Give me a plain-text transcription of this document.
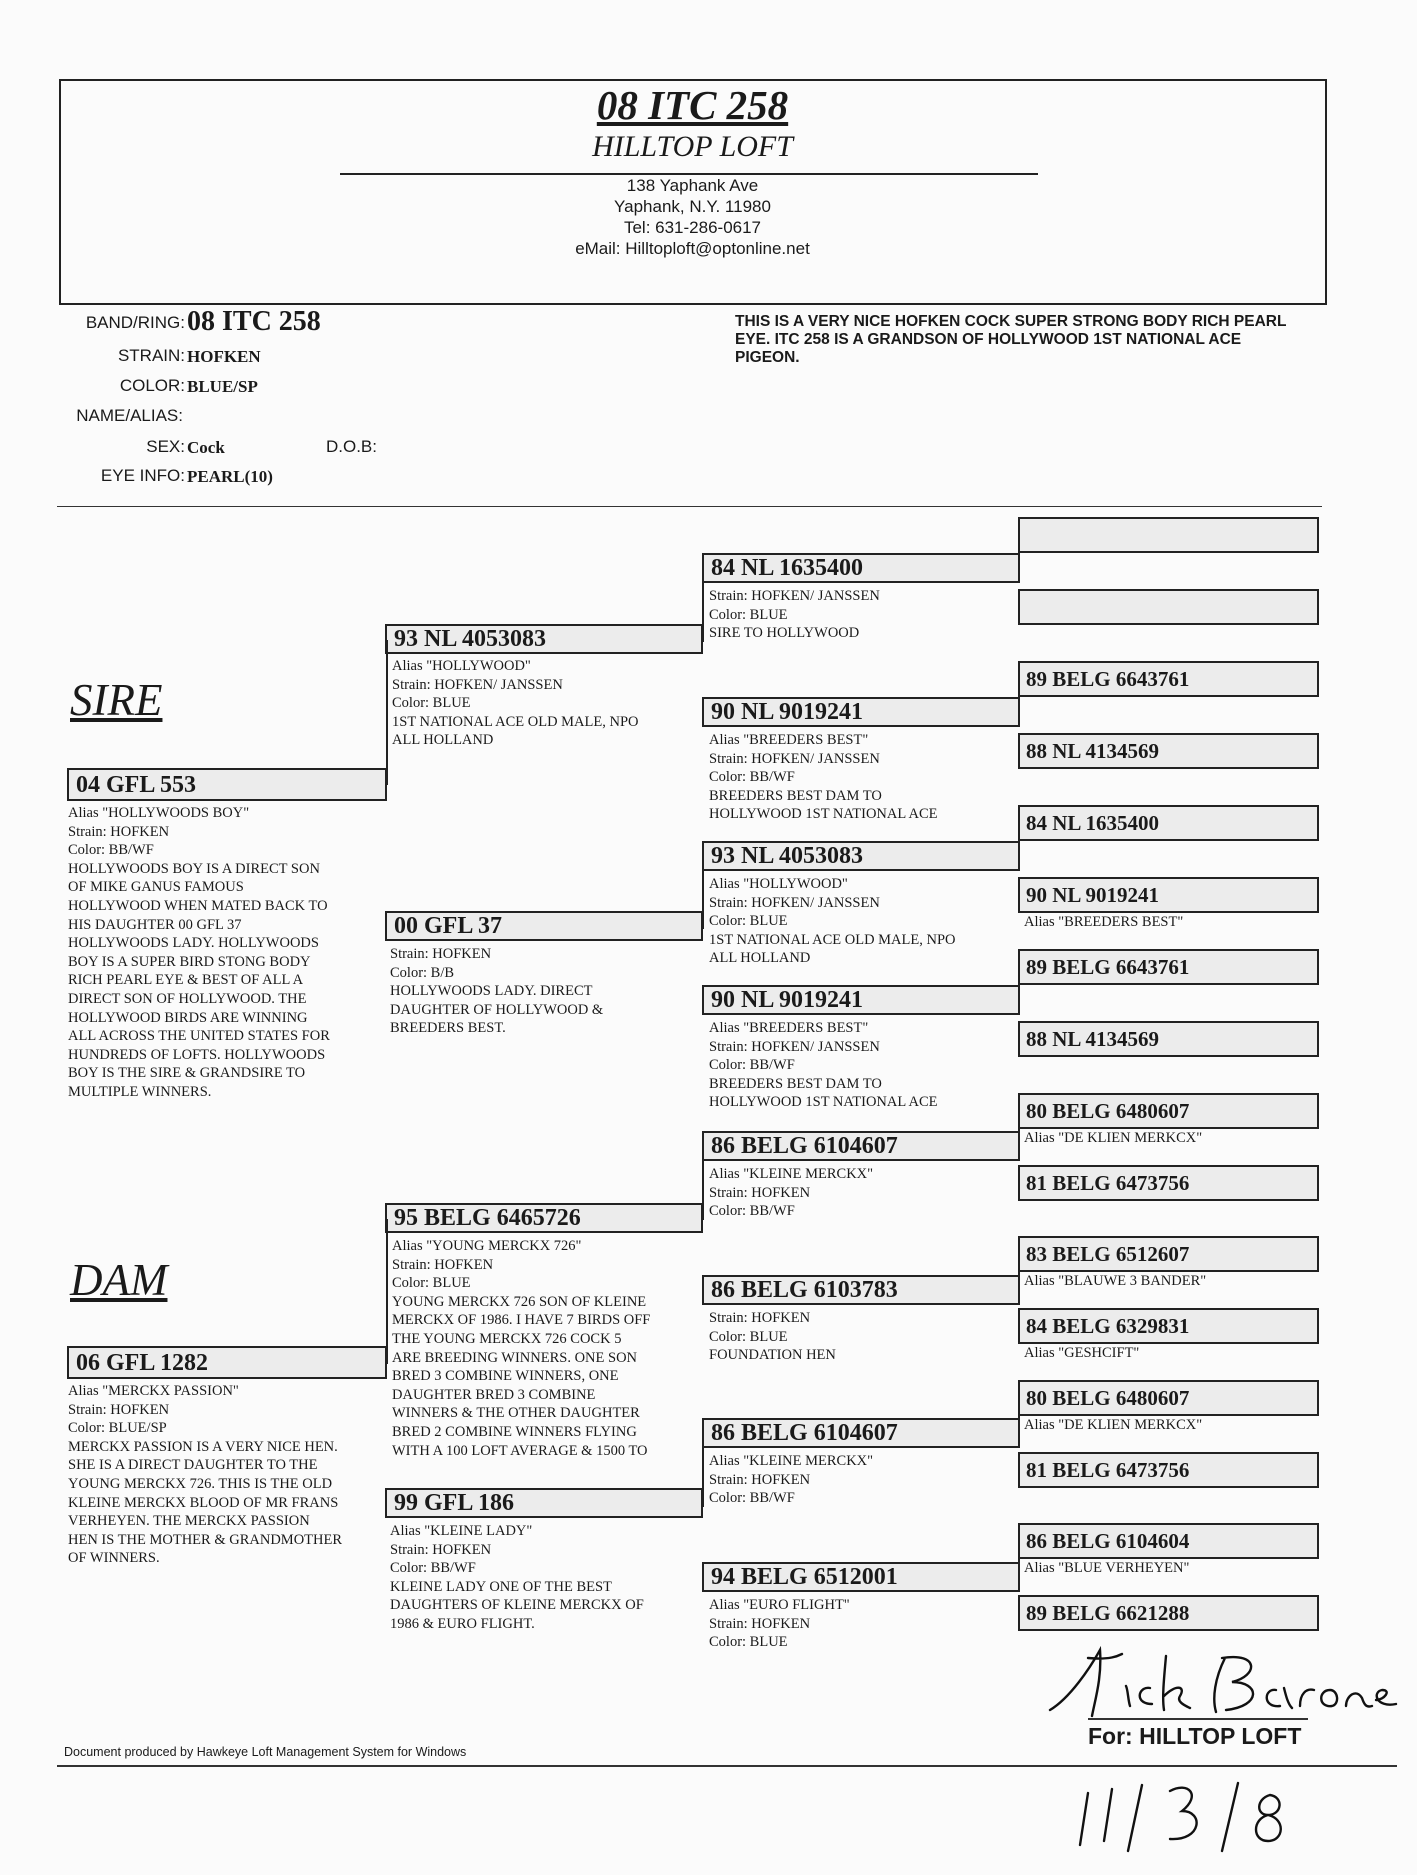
08 ITC 258
HILLTOP LOFT
138 Yaphank Ave
Yaphank, N.Y. 11980
Tel: 631-286-0617
eMail: Hilltoploft@optonline.net
BAND/RING: 08 ITC 258
STRAIN: HOFKEN
COLOR: BLUE/SP
NAME/ALIAS:
SEX: Cock	D.O.B:
EYE INFO: PEARL(10)
THIS IS A VERY NICE HOFKEN COCK SUPER STRONG BODY RICH PEARL EYE. ITC 258 IS A GRANDSON OF HOLLYWOOD 1ST NATIONAL ACE PIGEON.
SIRE
DAM
04 GFL 553
Alias "HOLLYWOODS BOY"
Strain: HOFKEN
Color: BB/WF
HOLLYWOODS BOY IS A DIRECT SON
OF MIKE GANUS FAMOUS
HOLLYWOOD WHEN MATED BACK TO
HIS DAUGHTER 00 GFL 37
HOLLYWOODS LADY. HOLLYWOODS
BOY IS A SUPER BIRD STONG BODY
RICH PEARL EYE & BEST OF ALL A
DIRECT SON OF HOLLYWOOD. THE
HOLLYWOOD BIRDS ARE WINNING
ALL ACROSS THE UNITED STATES FOR
HUNDREDS OF LOFTS. HOLLYWOODS
BOY IS THE SIRE & GRANDSIRE TO
MULTIPLE WINNERS.
06 GFL 1282
Alias "MERCKX PASSION"
Strain: HOFKEN
Color: BLUE/SP
MERCKX PASSION IS A VERY NICE HEN.
SHE IS A DIRECT DAUGHTER TO THE
YOUNG MERCKX 726. THIS IS THE OLD
KLEINE MERCKX BLOOD OF MR FRANS
VERHEYEN. THE MERCKX PASSION
HEN IS THE MOTHER & GRANDMOTHER
OF WINNERS.
93 NL 4053083
Alias "HOLLYWOOD"
Strain: HOFKEN/ JANSSEN
Color: BLUE
1ST NATIONAL ACE OLD MALE, NPO
ALL HOLLAND
00 GFL 37
Strain: HOFKEN
Color: B/B
HOLLYWOODS LADY. DIRECT
DAUGHTER OF HOLLYWOOD &
BREEDERS BEST.
95 BELG 6465726
Alias "YOUNG MERCKX 726"
Strain: HOFKEN
Color: BLUE
YOUNG MERCKX 726 SON OF KLEINE
MERCKX OF 1986. I HAVE 7 BIRDS OFF
THE YOUNG MERCKX 726 COCK 5
ARE BREEDING WINNERS. ONE SON
BRED 3 COMBINE WINNERS, ONE
DAUGHTER BRED 3 COMBINE
WINNERS & THE OTHER DAUGHTER
BRED 2 COMBINE WINNERS FLYING
WITH A 100 LOFT AVERAGE & 1500 TO
99 GFL 186
Alias "KLEINE LADY"
Strain: HOFKEN
Color: BB/WF
KLEINE LADY ONE OF THE BEST
DAUGHTERS OF KLEINE MERCKX OF
1986 & EURO FLIGHT.
84 NL 1635400
Strain: HOFKEN/ JANSSEN
Color: BLUE
SIRE TO HOLLYWOOD
90 NL 9019241
Alias "BREEDERS BEST"
Strain: HOFKEN/ JANSSEN
Color: BB/WF
BREEDERS BEST DAM TO
HOLLYWOOD 1ST NATIONAL ACE
93 NL 4053083
Alias "HOLLYWOOD"
Strain: HOFKEN/ JANSSEN
Color: BLUE
1ST NATIONAL ACE OLD MALE, NPO
ALL HOLLAND
90 NL 9019241
Alias "BREEDERS BEST"
Strain: HOFKEN/ JANSSEN
Color: BB/WF
BREEDERS BEST DAM TO
HOLLYWOOD 1ST NATIONAL ACE
86 BELG 6104607
Alias "KLEINE MERCKX"
Strain: HOFKEN
Color: BB/WF
86 BELG 6103783
Strain: HOFKEN
Color: BLUE
FOUNDATION HEN
86 BELG 6104607
Alias "KLEINE MERCKX"
Strain: HOFKEN
Color: BB/WF
94 BELG 6512001
Alias "EURO FLIGHT"
Strain: HOFKEN
Color: BLUE
89 BELG 6643761
88 NL 4134569
84 NL 1635400
90 NL 9019241
Alias "BREEDERS BEST"
89 BELG 6643761
88 NL 4134569
80 BELG 6480607
Alias "DE KLIEN MERKCX"
81 BELG 6473756
83 BELG 6512607
Alias "BLAUWE 3 BANDER"
84 BELG 6329831
Alias "GESHCIFT"
80 BELG 6480607
Alias "DE KLIEN MERKCX"
81 BELG 6473756
86 BELG 6104604
Alias "BLUE VERHEYEN"
89 BELG 6621288
For: HILLTOP LOFT
Document produced by Hawkeye Loft Management System for Windows
